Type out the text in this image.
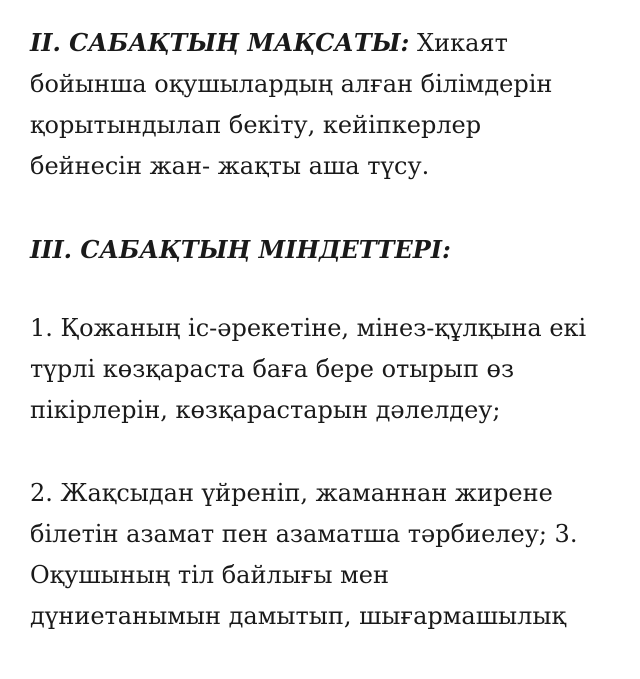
II. САБАҚТЫҢ МАҚСАТЫ: Хикаят
бойынша оқушылардың алған білімдерін
қорытындылап бекіту, кейіпкерлер
бейнесін жан- жақты аша түсу.

III. САБАҚТЫҢ МІНДЕТТЕРІ:

1. Қожаның іс-әрекетіне, мінез-құлқына екі
түрлі көзқараста баға бере отырып өз
пікірлерін, көзқарастарын дәлелдеу;

2. Жақсыдан үйреніп, жаманнан жирене
білетін азамат пен азаматша тәрбиелеу; 3.
Оқушының тіл байлығы мен
дүниетанымын дамытып, шығармашылық
